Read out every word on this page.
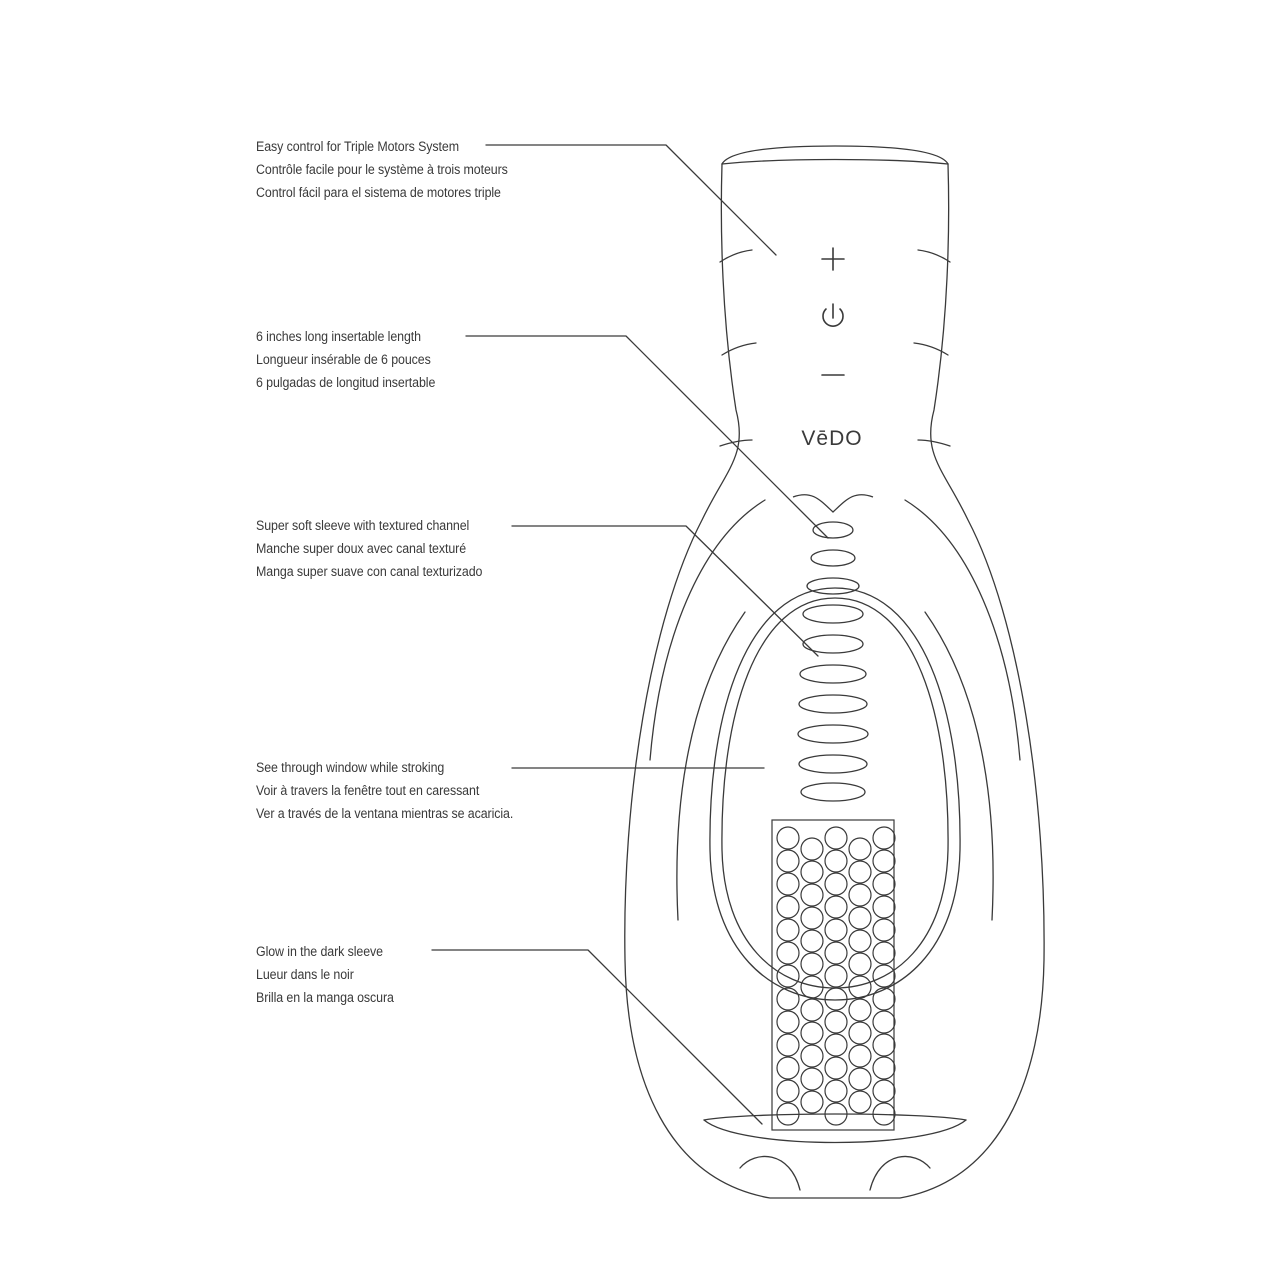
VēDO
Easy control for Triple Motors System
Contrôle facile pour le système à trois moteurs
Control fácil para el sistema de motores triple
6 inches long insertable length
Longueur insérable de 6 pouces
6 pulgadas de longitud insertable
Super soft sleeve with textured channel
Manche super doux avec canal texturé
Manga super suave con canal texturizado
See through window while stroking
Voir à travers la fenêtre tout en caressant
Ver a través de la ventana mientras se acaricia.
Glow in the dark sleeve
Lueur dans le noir
Brilla en la manga oscura
